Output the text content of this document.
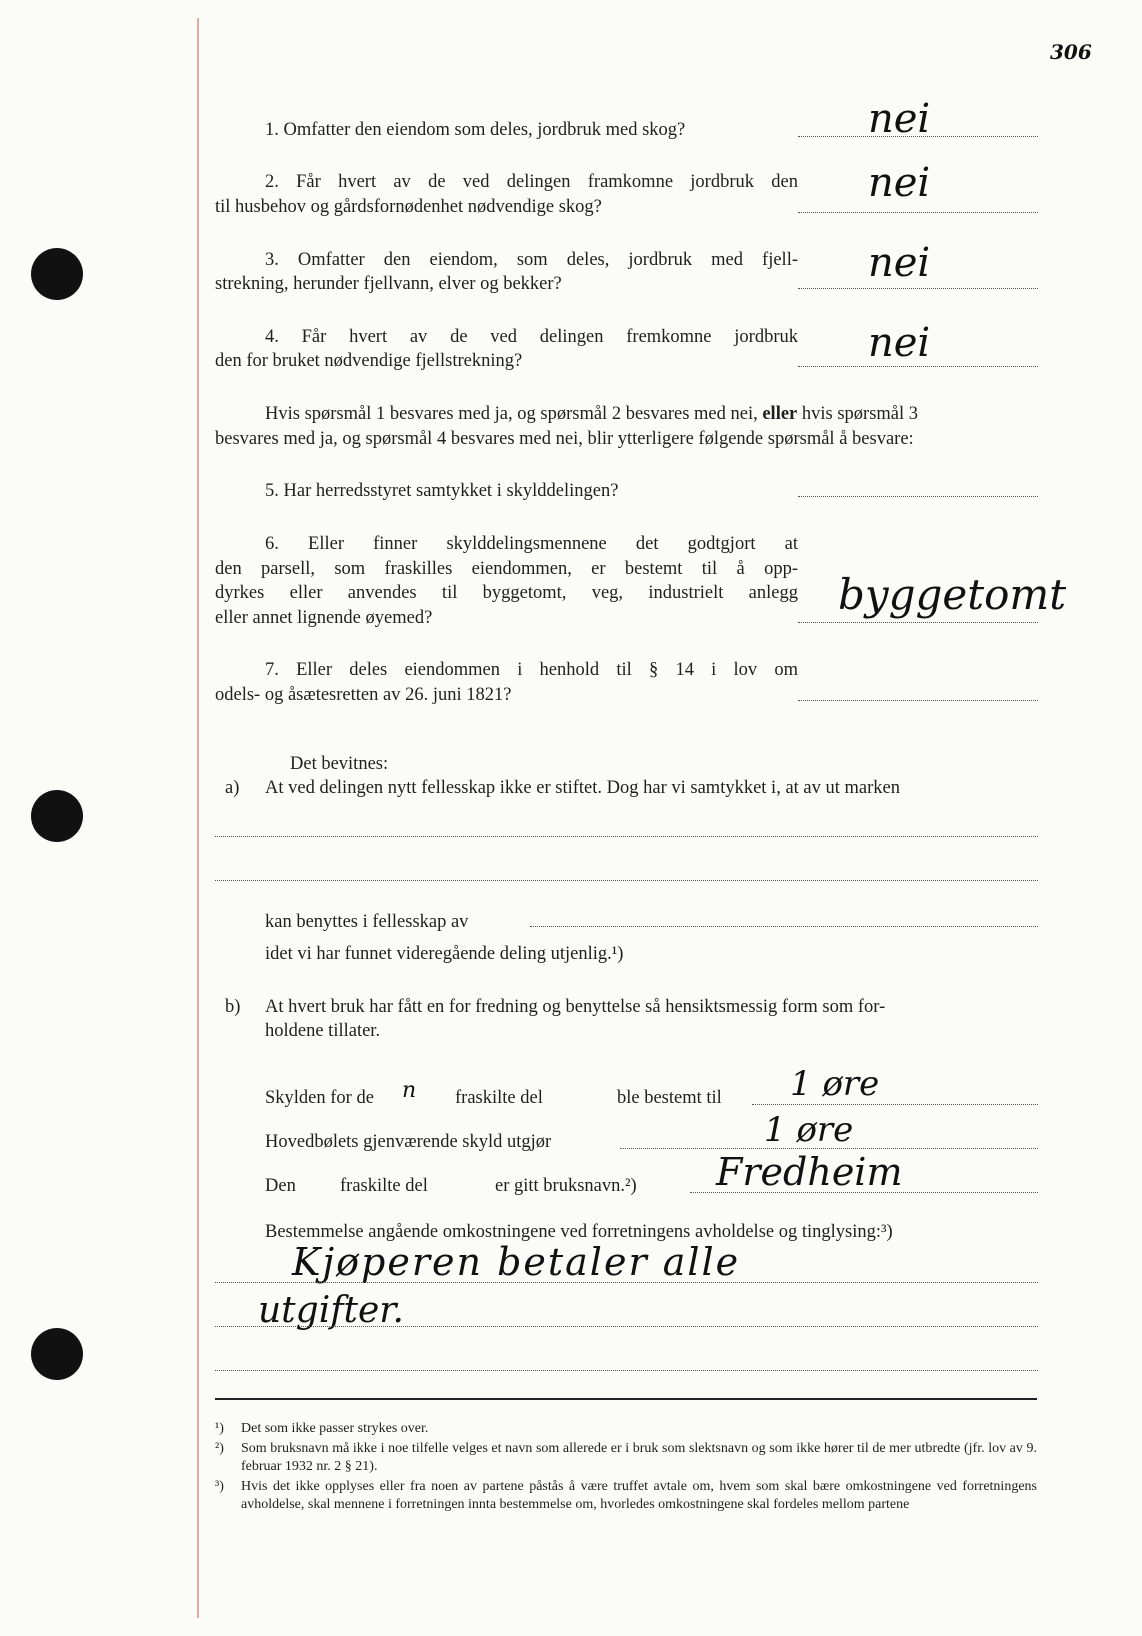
306
1. Omfatter den eiendom som deles, jordbruk med skog?	nei
2. Får hvert av de ved delingen framkomne jordbruk den
til husbehov og gårdsfornødenhet nødvendige skog?
nei
3. Omfatter den eiendom, som deles, jordbruk med fjell-
strekning, herunder fjellvann, elver og bekker?	nei
4. Får hvert av de ved delingen fremkomne jordbruk
den for bruket nødvendige fjellstrekning?	nei
Hvis spørsmål 1 besvares med ja, og spørsmål 2 besvares med nei, eller hvis spørsmål 3
besvares med ja, og spørsmål 4 besvares med nei, blir ytterligere følgende spørsmål å besvare:
5. Har herredsstyret samtykket i skylddelingen?
6. Eller finner skylddelingsmennene det godtgjort at
den parsell, som fraskilles eiendommen, er bestemt til å opp-
dyrkes eller anvendes til byggetomt, veg, industrielt anlegg
eller annet lignende øyemed?	byggetomt
7. Eller deles eiendommen i henhold til § 14 i lov om
odels- og åsætesretten av 26. juni 1821?
Det bevitnes:
a) At ved delingen nytt fellesskap ikke er stiftet. Dog har vi samtykket i, at av ut marken
kan benyttes i fellesskap av
idet vi har funnet videregående deling utjenlig.¹)
b) At hvert bruk har fått en for fredning og benyttelse så hensiktsmessig form som for-
holdene tillater.
Skylden for de n fraskilte del	ble bestemt til 1 øre
Hovedbølets gjenværende skyld utgjør	1 øre
Den fraskilte del	er gitt bruksnavn.²) Fredheim
Bestemmelse angående omkostningene ved forretningens avholdelse og tinglysing:³)
Kjøperen betaler alle
utgifter.
¹) Det som ikke passer strykes over.
²) Som bruksnavn må ikke i noe tilfelle velges et navn som allerede er i bruk som slektsnavn og som ikke hører til de mer utbredte (jfr. lov av 9. februar 1932 nr. 2 § 21).
³) Hvis det ikke opplyses eller fra noen av partene påstås å være truffet avtale om, hvem som skal bære omkostningene ved forretningens avholdelse, skal mennene i forretningen innta bestemmelse om, hvorledes omkostningene skal fordeles mellom partene
